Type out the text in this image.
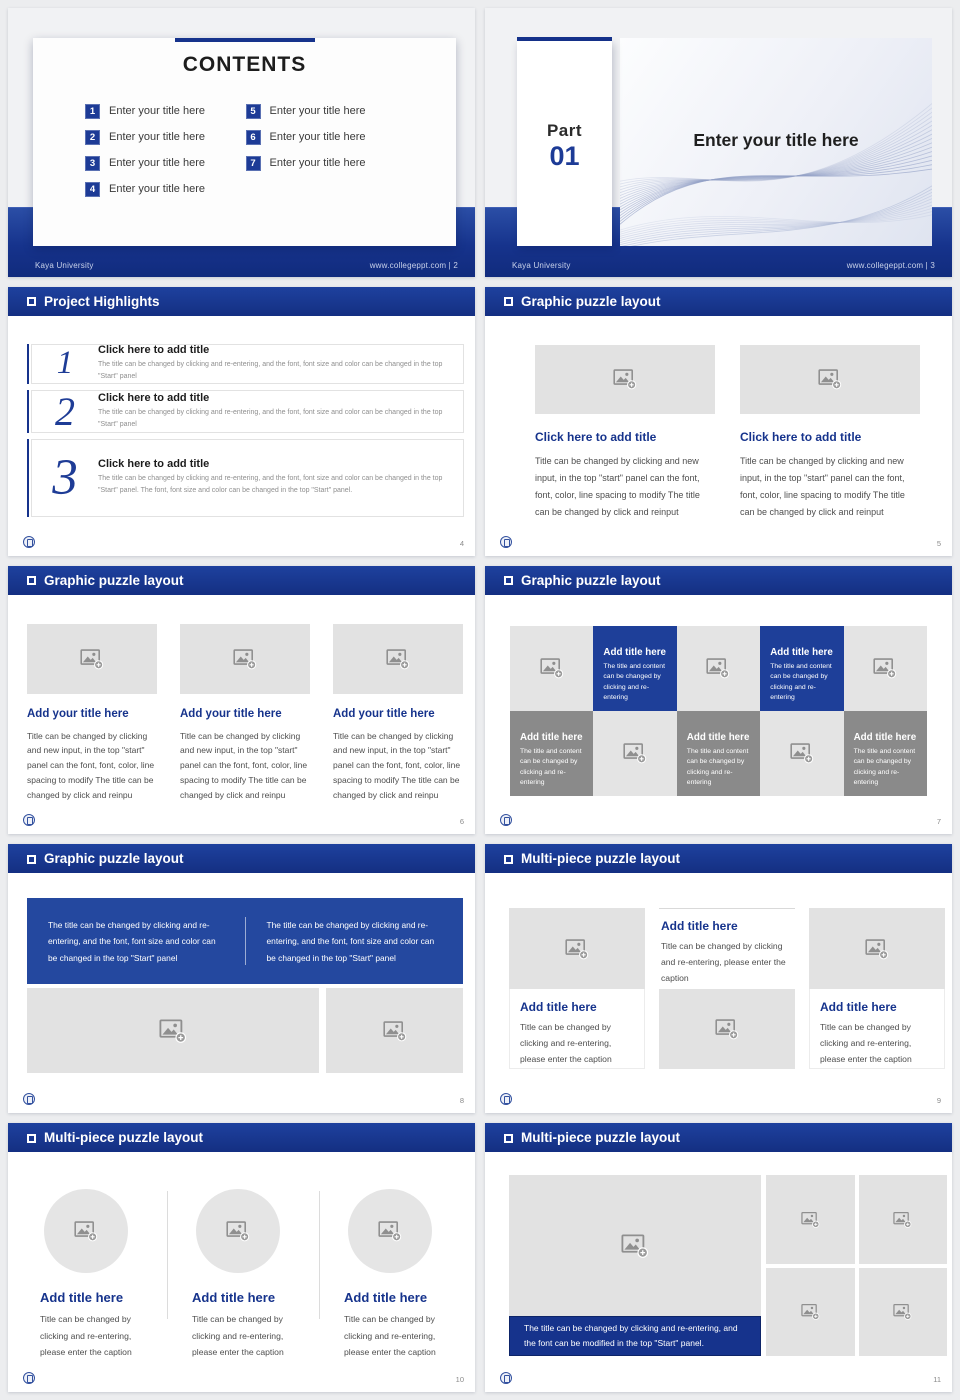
CONTENTS
1	Enter your title here
2	Enter your title here
3	Enter your title here
4	Enter your title here
5	Enter your title here
6	Enter your title here
7	Enter your title here
Kaya University	www.collegeppt.com | 2
Enter your title here
Part
01
Kaya University	www.collegeppt.com | 3
Project Highlights
1	Click here to add title
The title can be changed by clicking and re-entering, and the font, font size and color can be changed in the top "Start" panel
2	Click here to add title
The title can be changed by clicking and re-entering, and the font, font size and color can be changed in the top "Start" panel
3	Click here to add title
The title can be changed by clicking and re-entering, and the font, font size and color can be changed in the top "Start" panel. The font, font size and color can be changed in the top "Start" panel.
4
Graphic puzzle layout
Click here to add title
Title can be changed by clicking and new input, in the top "start" panel can the font, font, color, line spacing to modify The title can be changed by click and reinput
Click here to add title
Title can be changed by clicking and new input, in the top "start" panel can the font, font, color, line spacing to modify The title can be changed by click and reinput
5
Graphic puzzle layout
Add your title here
Title can be changed by clicking and new input, in the top "start" panel can the font, font, color, line spacing to modify The title can be changed by click and reinpu
Add your title here
Title can be changed by clicking and new input, in the top "start" panel can the font, font, color, line spacing to modify The title can be changed by click and reinpu
Add your title here
Title can be changed by clicking and new input, in the top "start" panel can the font, font, color, line spacing to modify The title can be changed by click and reinpu
6
Graphic puzzle layout
Add title here
The title and content can be changed by clicking and re-entering
Add title here
The title and content can be changed by clicking and re-entering
Add title here
The title and content can be changed by clicking and re-entering
Add title here
The title and content can be changed by clicking and re-entering
Add title here
The title and content can be changed by clicking and re-entering
7
Graphic puzzle layout
The title can be changed by clicking and re-entering, and the font, font size and color can be changed in the top "Start" panel
The title can be changed by clicking and re-entering, and the font, font size and color can be changed in the top "Start" panel
8
Multi-piece puzzle layout
Add title here
Title can be changed by clicking and re-entering, please enter the caption
Add title here
Title can be changed by clicking and re-entering, please enter the caption
Add title here
Title can be changed by clicking and re-entering, please enter the caption
9
Multi-piece puzzle layout
Add title here
Title can be changed by clicking and re-entering, please enter the caption
Add title here
Title can be changed by clicking and re-entering, please enter the caption
Add title here
Title can be changed by clicking and re-entering, please enter the caption
10
Multi-piece puzzle layout
The title can be changed by clicking and re-entering, and the font can be modified in the top "Start" panel.
11
